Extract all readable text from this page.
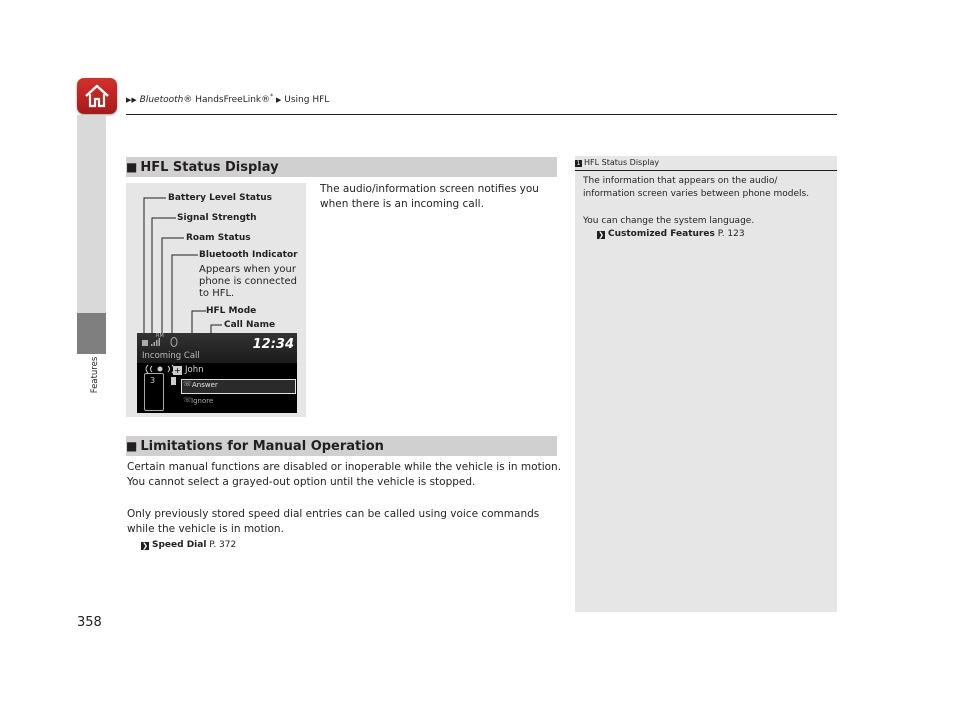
▶▶ Bluetooth® HandsFreeLink®* ▶ Using HFL
Features
358
■ HFL Status Display
The audio/information screen notifies you when there is an incoming call.
Battery Level Status
Signal Strength
Roam Status
Bluetooth Indicator
Appears when your phone is connected to HFL.
HFL Mode
Call Name
RM
12:34
Incoming Call
+ John
3	☏ Answer
☏ Ignore
■ Limitations for Manual Operation
Certain manual functions are disabled or inoperable while the vehicle is in motion. You cannot select a grayed-out option until the vehicle is stopped.
Only previously stored speed dial entries can be called using voice commands while the vehicle is in motion.
❯ Speed Dial P. 372
1 HFL Status Display
The information that appears on the audio/ information screen varies between phone models.
You can change the system language.
❯ Customized Features P. 123
